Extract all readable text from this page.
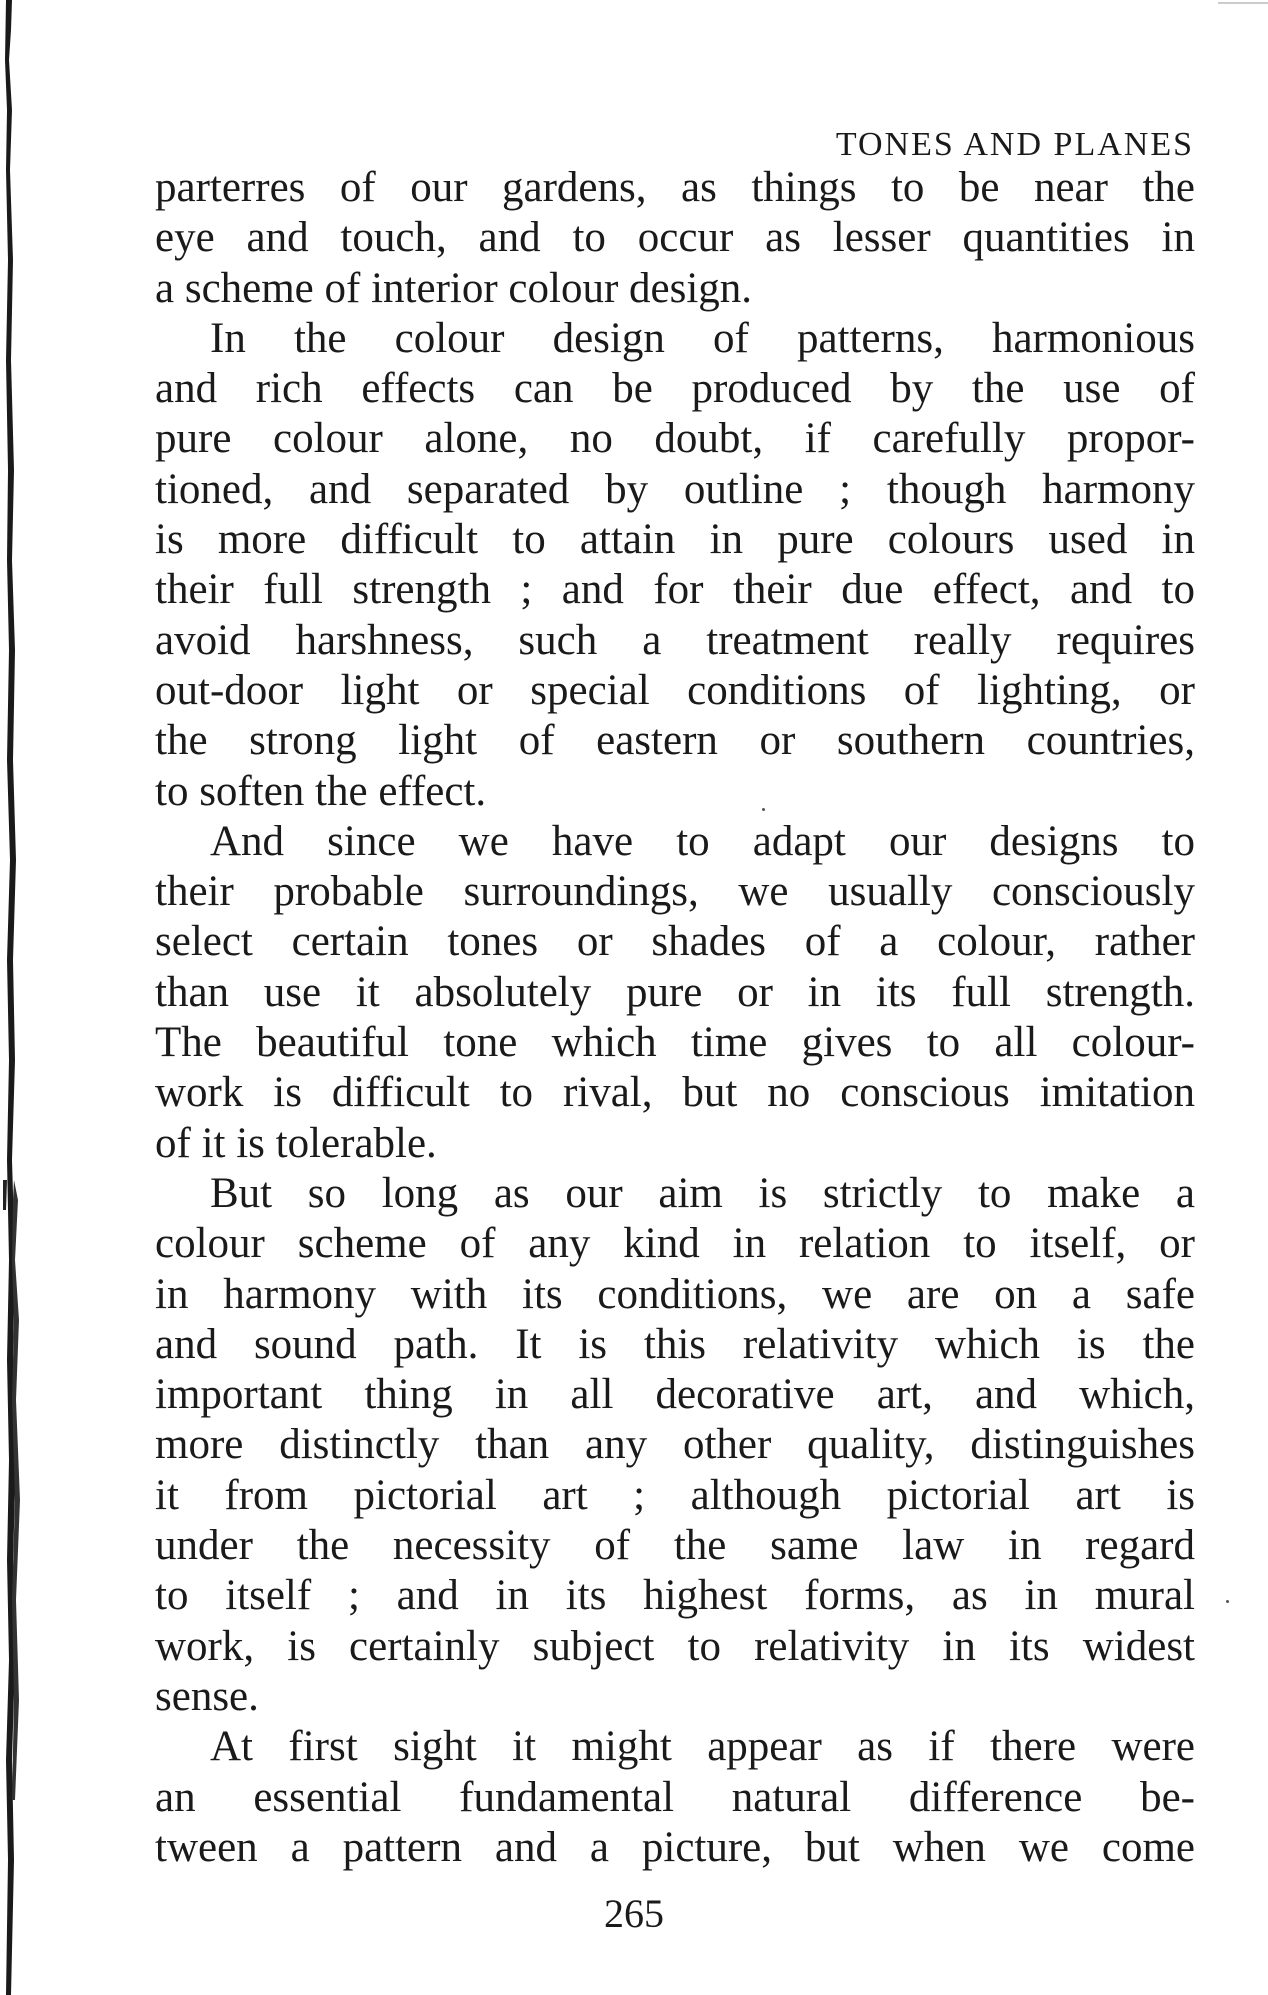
TONES AND PLANES
parterres of our gardens, as things to be near the
eye and touch, and to occur as lesser quantities in
a scheme of interior colour design.
In the colour design of patterns, harmonious
and rich effects can be produced by the use of
pure colour alone, no doubt, if carefully propor-
tioned, and separated by outline ; though harmony
is more difficult to attain in pure colours used in
their full strength ; and for their due effect, and to
avoid harshness, such a treatment really requires
out-door light or special conditions of lighting, or
the strong light of eastern or southern countries,
to soften the effect.
And since we have to adapt our designs to
their probable surroundings, we usually consciously
select certain tones or shades of a colour, rather
than use it absolutely pure or in its full strength.
The beautiful tone which time gives to all colour-
work is difficult to rival, but no conscious imitation
of it is tolerable.
But so long as our aim is strictly to make a
colour scheme of any kind in relation to itself, or
in harmony with its conditions, we are on a safe
and sound path. It is this relativity which is the
important thing in all decorative art, and which,
more distinctly than any other quality, distinguishes
it from pictorial art ; although pictorial art is
under the necessity of the same law in regard
to itself ; and in its highest forms, as in mural
work, is certainly subject to relativity in its widest
sense.
At first sight it might appear as if there were
an essential fundamental natural difference be-
tween a pattern and a picture, but when we come
265
